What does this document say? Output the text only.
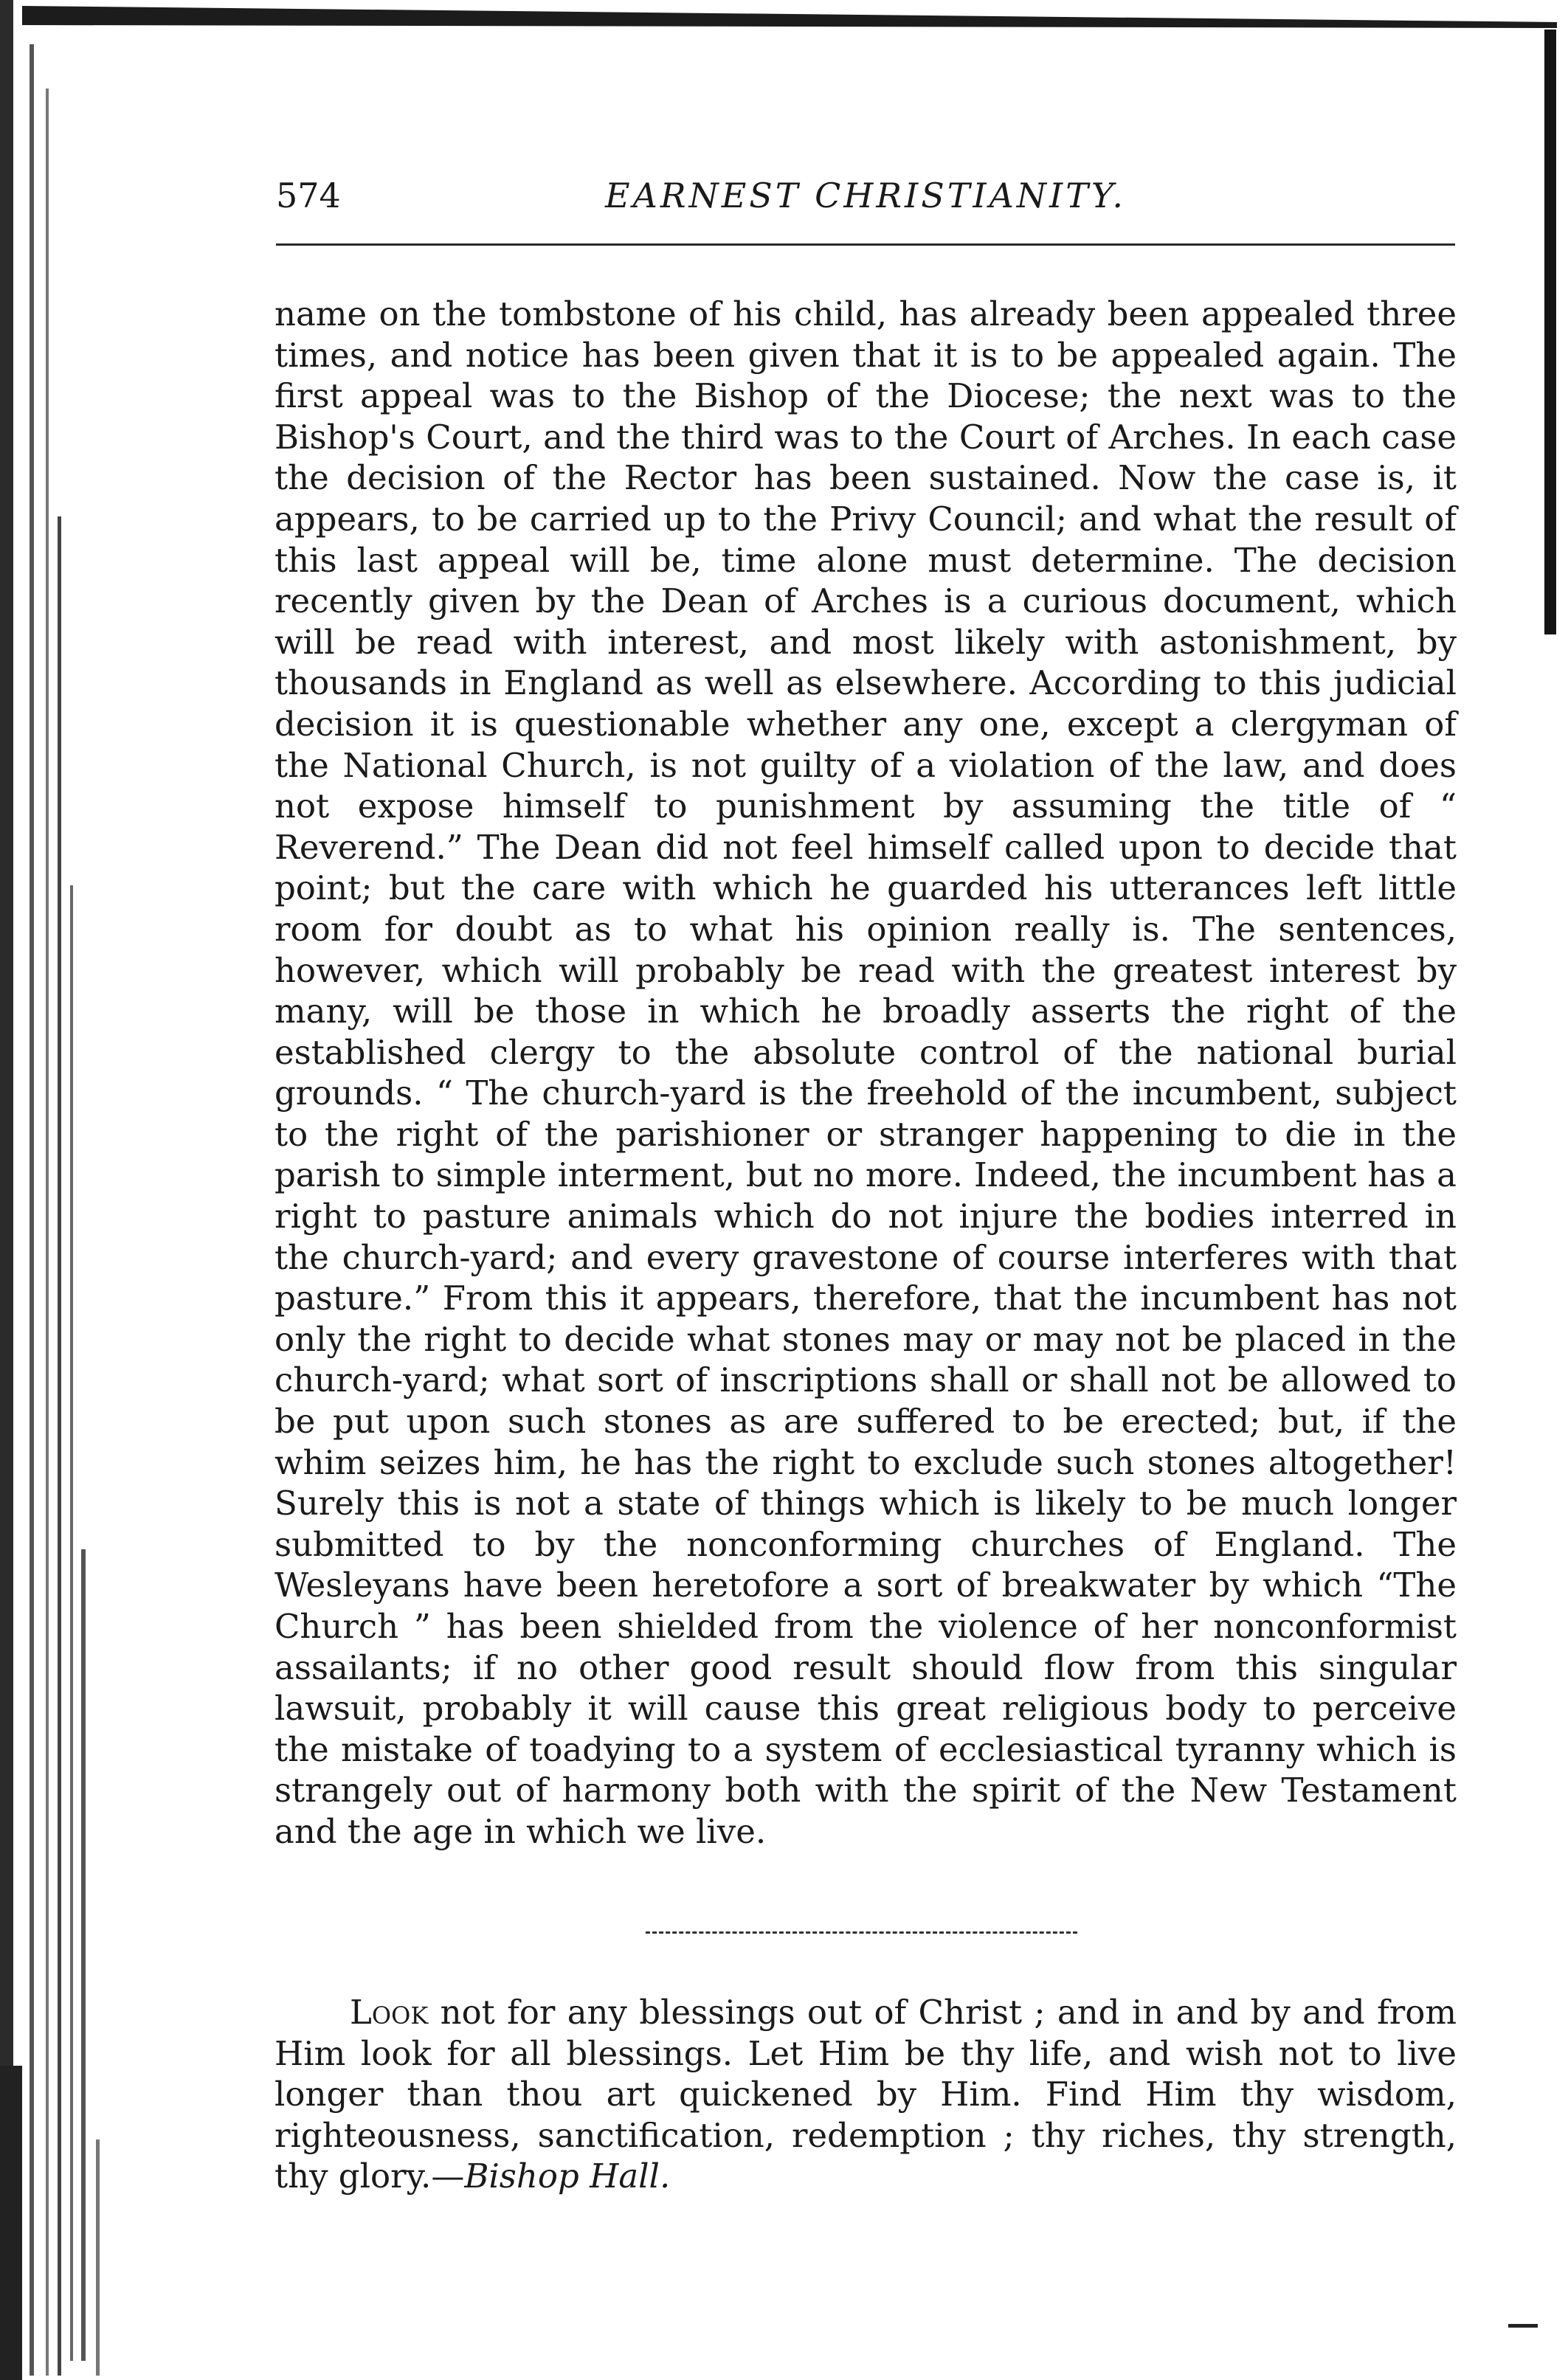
574	EARNEST CHRISTIANITY.

name on the tombstone of his child, has already been appealed three times, and notice has been given that it is to be appealed again. The first appeal was to the Bishop of the Diocese; the next was to the Bishop's Court, and the third was to the Court of Arches. In each case the decision of the Rector has been sustained. Now the case is, it appears, to be carried up to the Privy Council; and what the result of this last appeal will be, time alone must determine. The decision recently given by the Dean of Arches is a curious document, which will be read with interest, and most likely with astonishment, by thousands in England as well as elsewhere. According to this judicial decision it is questionable whether any one, except a clergyman of the National Church, is not guilty of a violation of the law, and does not expose himself to punishment by assuming the title of “ Reverend.” The Dean did not feel himself called upon to decide that point; but the care with which he guarded his utterances left little room for doubt as to what his opinion really is. The sentences, however, which will probably be read with the greatest interest by many, will be those in which he broadly asserts the right of the established clergy to the absolute control of the national burial grounds. “ The church-yard is the freehold of the incumbent, subject to the right of the parishioner or stranger happening to die in the parish to simple interment, but no more. Indeed, the incumbent has a right to pasture animals which do not injure the bodies interred in the church-yard; and every gravestone of course interferes with that pasture.” From this it appears, therefore, that the incumbent has not only the right to decide what stones may or may not be placed in the church-yard; what sort of inscriptions shall or shall not be allowed to be put upon such stones as are suffered to be erected; but, if the whim seizes him, he has the right to exclude such stones altogether! Surely this is not a state of things which is likely to be much longer submitted to by the nonconforming churches of England. The Wesleyans have been heretofore a sort of breakwater by which “The Church ” has been shielded from the violence of her nonconformist assailants; if no other good result should flow from this singular lawsuit, probably it will cause this great religious body to perceive the mistake of toadying to a system of ecclesiastical tyranny which is strangely out of harmony both with the spirit of the New Testament and the age in which we live.

Look not for any blessings out of Christ ; and in and by and from Him look for all blessings. Let Him be thy life, and wish not to live longer than thou art quickened by Him. Find Him thy wisdom, righteousness, sanctification, redemption ; thy riches, thy strength, thy glory.—Bishop Hall.
